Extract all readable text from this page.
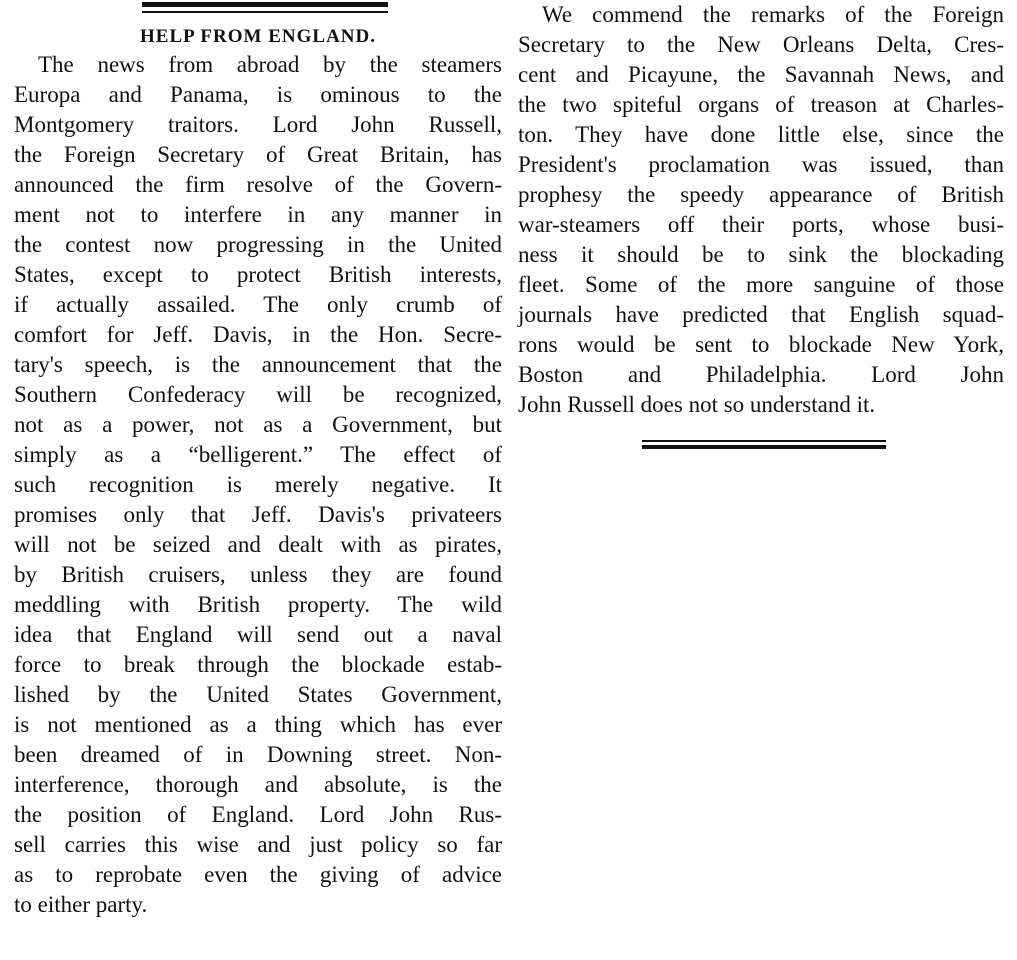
HELP FROM ENGLAND.
The news from abroad by the steamers
Europa and Panama, is ominous to the
Montgomery traitors. Lord John Russell,
the Foreign Secretary of Great Britain, has
announced the firm resolve of the Govern-
ment not to interfere in any manner in
the contest now progressing in the United
States, except to protect British interests,
if actually assailed. The only crumb of
comfort for Jeff. Davis, in the Hon. Secre-
tary's speech, is the announcement that the
Southern Confederacy will be recognized,
not as a power, not as a Government, but
simply as a “belligerent.” The effect of
such recognition is merely negative. It
promises only that Jeff. Davis's privateers
will not be seized and dealt with as pirates,
by British cruisers, unless they are found
meddling with British property. The wild
idea that England will send out a naval
force to break through the blockade estab-
lished by the United States Government,
is not mentioned as a thing which has ever
been dreamed of in Downing street. Non-
interference, thorough and absolute, is the
the position of England. Lord John Rus-
sell carries this wise and just policy so far
as to reprobate even the giving of advice
to either party.
We commend the remarks of the Foreign
Secretary to the New Orleans Delta, Cres-
cent and Picayune, the Savannah News, and
the two spiteful organs of treason at Charles-
ton. They have done little else, since the
President's proclamation was issued, than
prophesy the speedy appearance of British
war-steamers off their ports, whose busi-
ness it should be to sink the blockading
fleet. Some of the more sanguine of those
journals have predicted that English squad-
rons would be sent to blockade New York,
Boston and Philadelphia. Lord John
John Russell does not so understand it.
